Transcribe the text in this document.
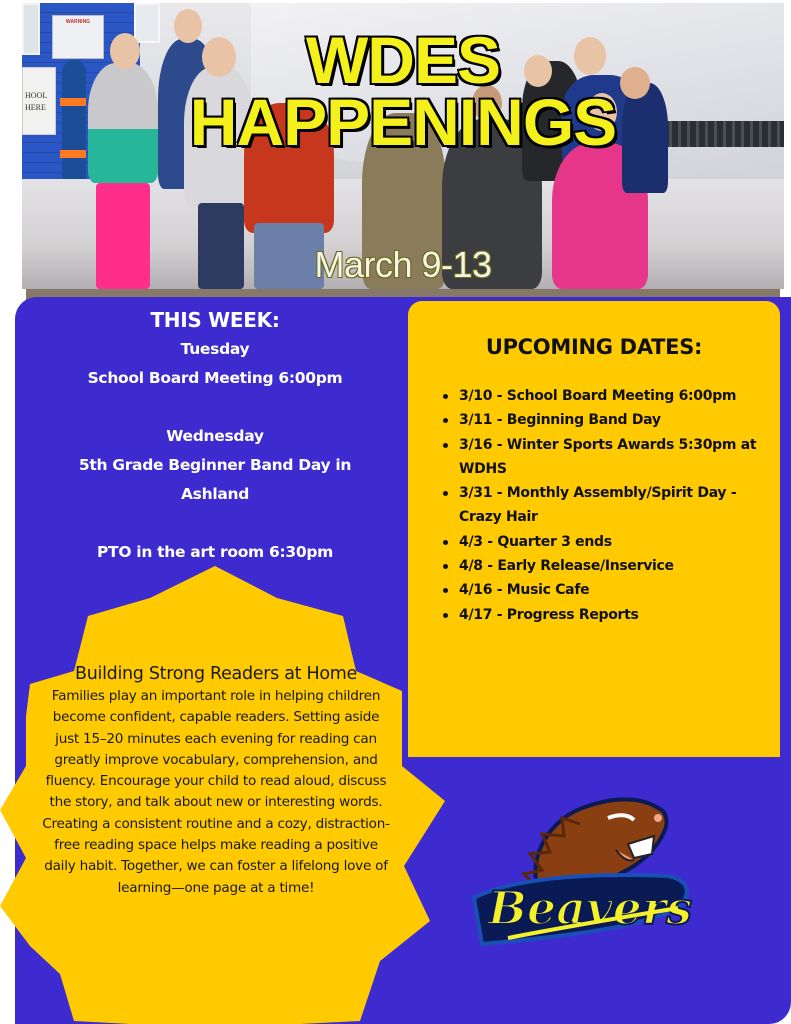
WARNING
HOOL
HERE
WDES
HAPPENINGS
March 9-13
THIS WEEK:

Tuesday

School Board Meeting 6:00pm

Wednesday

5th Grade Beginner Band Day in

Ashland

PTO in the art room 6:30pm

UPCOMING DATES:
3/10 - School Board Meeting 6:00pm
3/11 - Beginning Band Day
3/16 - Winter Sports Awards 5:30pm at WDHS
3/31 - Monthly Assembly/Spirit Day - Crazy Hair
4/3 - Quarter 3 ends
4/8 - Early Release/Inservice
4/16 - Music Cafe
4/17 - Progress Reports
Building Strong Readers at Home

Families play an important role in helping children become confident, capable readers. Setting aside just 15–20 minutes each evening for reading can greatly improve vocabulary, comprehension, and fluency. Encourage your child to read aloud, discuss the story, and talk about new or interesting words. Creating a consistent routine and a cozy, distraction-free reading space helps make reading a positive daily habit. Together, we can foster a lifelong love of learning—one page at a time!	Beavers
